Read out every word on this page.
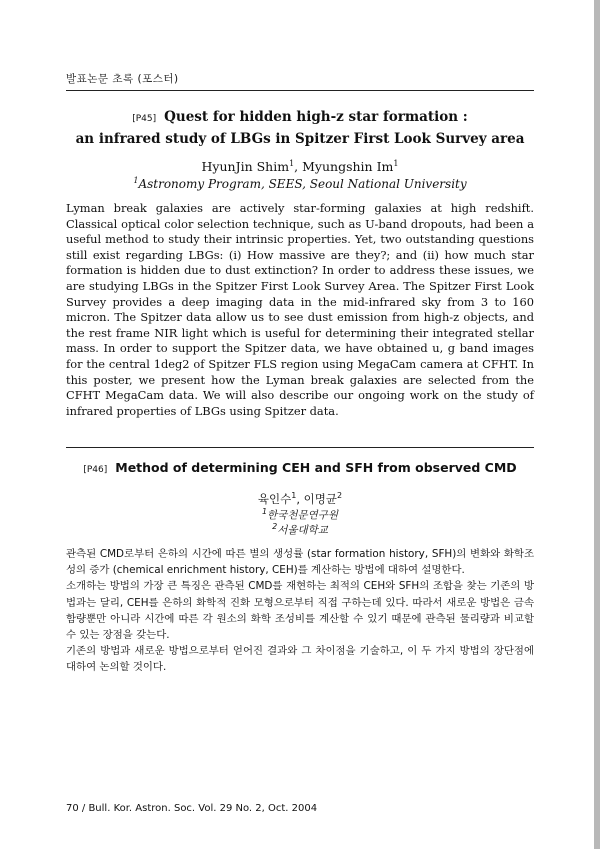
발표논문 초록 (포스터)
[P45] Quest for hidden high-z star formation :
an infrared study of LBGs in Spitzer First Look Survey area
HyunJin Shim$^1$, Myungshin Im$^1$
$^1$Astronomy Program, SEES, Seoul National University

Lyman break galaxies are actively star-forming galaxies at high redshift. Classical optical color selection technique, such as U-band dropouts, had been a useful method to study their intrinsic properties. Yet, two outstanding questions still exist regarding LBGs: (i) How massive are they?; and (ii) how much star formation is hidden due to dust extinction? In order to address these issues, we are studying LBGs in the Spitzer First Look Survey Area. The Spitzer First Look Survey provides a deep imaging data in the mid-infrared sky from 3 to 160 micron. The Spitzer data allow us to see dust emission from high-z objects, and the rest frame NIR light which is useful for determining their integrated stellar mass. In order to support the Spitzer data, we have obtained u, g band images for the central 1deg2 of Spitzer FLS region using MegaCam camera at CFHT. In this poster, we present how the Lyman break galaxies are selected from the CFHT MegaCam data. We will also describe our ongoing work on the study of infrared properties of LBGs using Spitzer data.

[P46] Method of determining CEH and SFH from observed CMD
육인수$^1$, 이명균$^2$
$^1$한국천문연구원
$^2$서울대학교

관측된 CMD로부터 은하의 시간에 따른 별의 생성률 (star formation history, SFH)의 변화와 화학조성의 증가 (chemical enrichment history, CEH)를 계산하는 방법에 대하여 설명한다.

소개하는 방법의 가장 큰 특징은 관측된 CMD를 재현하는 최적의 CEH와 SFH의 조합을 찾는 기존의 방법과는 달리, CEH를 은하의 화학적 진화 모형으로부터 직접 구하는데 있다. 따라서 새로운 방법은 금속함량뿐만 아니라 시간에 따른 각 원소의 화학 조성비를 계산할 수 있기 때문에 관측된 물리량과 비교할 수 있는 장점을 갖는다.

기존의 방법과 새로운 방법으로부터 얻어진 결과와 그 차이점을 기술하고, 이 두 가지 방법의 장단점에 대하여 논의할 것이다.

70 / Bull. Kor. Astron. Soc. Vol. 29 No. 2, Oct. 2004
